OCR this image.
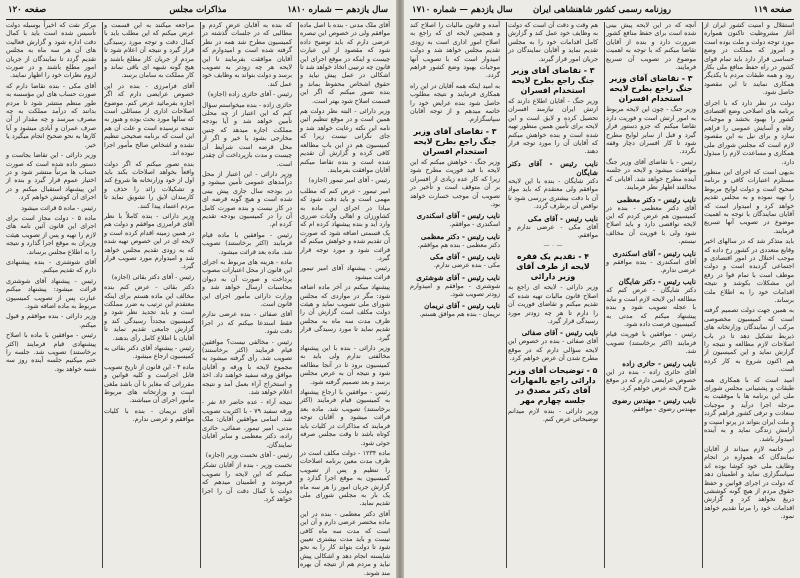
سال یازدهم — شماره ۱۸۱۰
مذاکرات مجلس
صفحه ۱۲۰
آقای ملک مدنی - بنده با اصل ماده موافقم ولی در خصوص این تبصره عرضی دارم که باید توضیح داده شود که مقصود از این عبارت چیست و اینکه در موقع اجرای این قانون چه ترتیبی اتخاذ خواهد شد تا اشکالی در عمل پیش نیاید و حقوق اشخاص محفوظ بماند و بنده تصور میکنم که اگر این قسمت اصلاح شود بهتر است.
وزیر دارائی - البته نظر دولت هم همین است و در موقع تنظیم آئین نامه این نکته رعایت خواهد شد و جای نگرانی نیست زیرا که کمیسیون هم در این باب مطالعه کافی کرده و گزارش آن تقدیم شده است و بنده تقاضا میکنم آقایان موافقت بفرمایند.
رئیس - آقای امیر تیمور (اجازه)
امیر تیمور - عرض کنم که مطلب مهمی است و باید دقت شود که مبادا در اجرای این ماده به کشاورزان و اهالی ولایات ضرری وارد آید و بنده پیشنهاد کرده ام که یک قسمتی اضافه شود که صورت آن تقدیم شده و خواهش میکنم که قرائت شود و مورد توجه قرار گیرد.
رئیس - پیشنهاد آقای امیر تیمور قرائت میشود
پیشنهاد میکنم در آخر ماده اضافه شود: مگر در مواردی که مجلس شورای ملی تصویب نماید و هیئت دولت مکلف است گزارش آن را ظرف مدت سه ماه به مجلس تقدیم نماید تا مورد رسیدگی قرار گیرد.
وزیر دارائی - بنده با این پیشنهاد مخالفتی ندارم ولی باید به کمیسیون برود تا در آنجا مطالعه شود و نتیجه آن به عرض مجلس برسد و بعد تصمیم گرفته شود.
رئیس - موافقین با ارجاع پیشنهاد به کمیسیون قیام فرمایند (اکثر برخاستند) تصویب شد. ماده بعد قرائت میشود و آقایان توجه فرمایند که مذاکرات در کلیات باید کوتاه باشد تا وقت مجلس صرفه جوئی شود.
ماده ۱۲۳۴ - دولت مکلف است در ظرف مدت معین برنامه اصلاحات را تنظیم و پس از تصویب کمیسیون به موقع اجرا گذارد و گزارش جریان امور را هر سه ماه یک بار به مجلس شورای ملی تقدیم نماید.
آقای دکتر معظمی - بنده در این ماده مختصر عرضی دارم و آن این است که مدت سه ماه کافی نیست و باید مدت بیشتری تعیین شود تا دولت بتواند کار را به نحو شایسته انجام دهد و اشکالی پیش نیاید و مردم هم از نتیجه آن بهره مند شوند.
که بنده به آقایان عرض کردم و مطالبی که در جلسات گذشته در کمیسیون مطرح شد همه در نظر گرفته شده است و امیدوارم که آقایان موافقت بفرمایند تا این لایحه هر چه زودتر به تصویب برسد و دولت بتواند به وظایف خود عمل کند.
رئیس - آقای حائری زاده (اجازه)
حائری زاده - بنده میخواستم سؤال کنم که این اعتبار از چه محلی تأمین خواهد شد و آیا بودجه مملکت اجازه میدهد که چنین مخارجی بشود یا خیر و اگر از محل قرضه است شرایط آن چیست و مدت بازپرداخت آن چقدر است.
وزیر دارائی - این اعتبار از محل درآمدهای عمومی تأمین میشود و در بودجه سال جاری پیش بینی شده است و هیچ گونه قرضه ای در کار نیست و بنده صورت کامل آن را در کمیسیون بودجه تقدیم کرده ام.
رئیس - موافقین با ماده قیام فرمایند (اکثر برخاستند) تصویب شد. ماده بعد قرائت میشود.
ماده - هزینه های مربوط به اجرای این قانون از محل اعتبارات مصوب پرداخت و صورت آن به دیوان محاسبات ارسال خواهد شد و وزارت دارائی مأمور اجرای این قانون است.
آقای صفائی - بنده عرضی ندارم فقط استدعا میکنم که در اجرا دقت شود.
رئیس - مخالفی نیست؟ موافقین قیام فرمایند (اکثر برخاستند) تصویب شد. رأی گرفته میشود به مجموع لایحه با ورقه و آقایان موافق ورقه سفید خواهند داد. اخذ و استخراج آراء بعمل آمد و نتیجه اعلام خواهد شد.
نتیجه آراء - عده حاضر ۸۶ نفر - ورقه سفید ۷۹ - با اکثریت تصویب شد. اسامی موافقین آقایان: ملک مدنی، امیر تیمور، صفائی، حائری زاده، دکتر معظمی و سایر آقایان نمایندگان.
رئیس - آقای نخست وزیر (اجازه)
نخست وزیر - بنده از آقایان تشکر میکنم که این لایحه را تصویب فرمودند و اطمینان میدهم که دولت با کمال دقت آن را اجرا خواهد کرد.
مراجعه میکنند به این قسمت و عرض میکنم که این مطلب باید با کمال دقت و توجه مورد رسیدگی قرار گیرد و نتیجه آن اعلام شود تا مردم از جریان کار مطلع باشند و هیچ گونه شبهه ای باقی نماند و کار مملکت به سامان برسد.
آقای فرامرزی - بنده در این خصوص عرایضی دارم که اگر اجازه بفرمائید عرض کنم. موضوع اصلاحات اداری از مسائلی است که سالها مورد بحث بوده و هنوز به نتیجه نرسیده است و علت آن هم این است که برنامه صحیحی تنظیم نشده و اشخاص صالح مأمور اجرا نبوده اند.
بنده تصور میکنم که اگر دولت واقعاً بخواهد اصلاحات بکند باید اول از خود وزارتخانه ها شروع کند و تشکیلات زائد را حذف و کارمندان لایق را تشویق نماید تا مردم اعتماد پیدا کنند.
وزیر دارائی - بنده کاملاً با نظر آقای فرامرزی موافقم و دولت هم در همین زمینه اقدام کرده است و لایحه ای در این خصوص تهیه شده که به زودی تقدیم مجلس خواهد شد و امیدوارم مورد تصویب قرار گیرد.
رئیس - آقای دکتر بقائی (اجازه)
دکتر بقائی - عرض کنم بنده مخالف این ماده هستم برای اینکه معتقدم این ترتیب به ضرر مملکت است و باید تجدید نظر شود و کمیسیون مجدداً رسیدگی کند و گزارش جامعی تقدیم نماید تا آقایان با اطلاع کامل رأی بدهند.
رئیس - پیشنهاد آقای دکتر بقائی به کمیسیون ارجاع میشود.
ماده ۴ - این قانون از تاریخ تصویب قابل اجراست و کلیه قوانین و مقرراتی که مغایر با آن باشد ملغی است و وزارتخانه های مربوط مأمور اجرای آن میباشند.
آقای نریمان - بنده با کلیات موافقم و عرضی ندارم.
مرکز نفت که اخیراً بوسیله دولت تأسیس شده است باید با کمال دقت اداره شود و گزارش فعالیت های آن هر سه ماه به مجلس تقدیم گردد تا نمایندگان از جریان امور مطلع باشند و در صورت لزوم نظرات خود را اظهار نمایند.
آقای مکی - بنده تقاضا دارم که صورت حساب های این مؤسسه به طور منظم منتشر شود تا مردم بدانند که درآمد مملکت به چه مصرف میرسد و چه مقدار از آن صرف عمران و آبادی میشود و آیا کارها به نحو صحیح انجام میگیرد یا خیر.
وزیر دارائی - این تقاضا بجاست و دستور داده شده است که صورت حساب ها مرتباً منتشر شود و در اختیار عموم قرار گیرد و بنده از این پیشنهاد استقبال میکنم و در اجرای آن کوشش خواهم کرد.
رئیس - ماده ۵ قرائت میشود
ماده ۵ - دولت مجاز است برای اجرای این قانون آئین نامه های لازم را تهیه و پس از تصویب هیئت وزیران به موقع اجرا گذارد و نتیجه را به اطلاع مجلس برساند.
آقای شوشتری - بنده پیشنهادی دارم که تقدیم میکنم.
رئیس - پیشنهاد آقای شوشتری قرائت میشود: پیشنهاد میکنم عبارت پس از تصویب کمیسیون مربوط به ماده اضافه شود.
وزیر دارائی - بنده موافقم و قبول میکنم.
رئیس - موافقین با ماده با اصلاح پیشنهادی قیام فرمایند (اکثر برخاستند) تصویب شد. جلسه را ختم میکنیم جلسه آینده روز سه شنبه خواهد بود.
صفحه ۱۱۹
روزنامه رسمی کشور شاهنشاهی ایران
سال یازدهم — شماره ۱۷۱۰
استقلال و امنیت کشور ایران از آغاز مشروطیت تاکنون همواره مورد توجه دولت و ملت بوده است و امروز که مملکت در وضع حساسی قرار دارد باید تمام قوای کشور در راه حفظ منافع ملی بکار رود و همه طبقات مردم با یکدیگر همکاری نمایند تا این مقصود حاصل شود.
دولت در نظر دارد که با اجرای برنامه های اصلاحی وضع اقتصادی کشور را بهبود بخشد و موجبات رفاه و آسایش عمومی را فراهم سازد و برای نیل به این مقصود لازم است که مجلس شورای ملی همکاری و مساعدت لازم را مبذول دارد.
بدیهی است که اجرای این منظور مستلزم اعتبارات کافی و برنامه صحیح است و دولت لوایح مربوط را تهیه نموده و به مجلس تقدیم خواهد کرد و امیدوار است که آقایان نمایندگان با توجه به اهمیت موضوع در تصویب آنها تسریع فرمایند.
باید متذکر شد که در سالهای اخیر وقایع متعددی در کشور رخ داده که موجب اختلال در امور اقتصادی و اجتماعی گردیده است و دولت موظف است با تمام قوا در رفع این مشکلات بکوشد و نتیجه اقدامات خود را به اطلاع ملت برساند.
به همین جهت دولت تصمیم گرفته است که کمیسیون مخصوصی مرکب از نمایندگان وزارتخانه های ذیربط تشکیل دهد تا در باب اصلاحات لازم مطالعه و نتیجه را گزارش نماید و این کمیسیون از هم اکنون شروع به کار کرده است.
امید است که با همکاری همه طبقات و پشتیبانی مجلس شورای ملی این برنامه ها با موفقیت به مرحله اجرا درآید و موجبات سعادت و ترقی کشور فراهم گردد و ملت ایران بتواند در پرتو امنیت و آرامش زندگی نماید و به آینده امیدوار باشد.
در خاتمه لازم میداند از آقایان نمایندگان که همواره در انجام وظایف ملی خود کوشا بوده اند سپاسگزاری نماید و اطمینان دهد که دولت در اجرای قوانین و حفظ حقوق مردم از هیچ گونه کوششی دریغ نخواهد کرد و گزارش اقدامات خود را مرتباً تقدیم خواهد نمود.
آنچه که در این لایحه پیش بینی شده است برای حفظ منافع کشور ضرورت دارد و بنده از آقایان تقاضا میکنم که با توجه به اهمیت موضوع در تصویب آن تسریع فرمایند.
۳ - تقاضای آقای وزیر جنگ راجع بطرح لایحه استخدام افسران
وزیر جنگ - چون این لایحه مربوط به امور ارتش است و فوریت دارد تقاضا میکنم که جزو دستور قرار گیرد و قبل از سایر لوایح مطرح شود تا کار افسران دچار وقفه نگردد.
رئیس - با تقاضای آقای وزیر جنگ موافقت میشود و لایحه در جلسه آینده مطرح خواهد شد. آقایانی که مخالفند اظهار نظر فرمایند.
نایب رئیس - دکتر معظمی
آقای دکتر معظمی - بنده در کمیسیون هم عرض کردم که این لایحه نواقصی دارد و باید اصلاح شود ولی با فوریت آن مخالف نیستم.
نایب رئیس - آقای اسکندری
آقای اسکندری - بنده موافقم و عرضی ندارم.
نایب رئیس - دکتر شایگان
دکتر شایگان - عرض کنم که مطالعه این لایحه لازم است و نباید با عجله تصویب شود و بنده پیشنهاد میکنم که مدتی به کمیسیون فرصت داده شود.
رئیس - موافقین با فوریت قیام فرمایند (اکثر برخاستند) تصویب شد.
نایب رئیس - حائری زاده
آقای حائری زاده - بنده در این خصوص عرایضی دارم که در موقع طرح لایحه عرض خواهم کرد.
نایب رئیس - مهندس رضوی
مهندس رضوی - موافقم.
هم وقت و دقت آن است که دولت به وظایف خود عمل کند و گزارش کامل اقدامات خود را به مجلس تقدیم نماید و آقایان نمایندگان در جریان امور قرار گیرند.
۳ - تقاضای آقای وزیر جنگ راجع بطرح لایحه استخدام افسران
وزیر جنگ - آقایان اطلاع دارند که ارتش ایران نیازمند افسران تحصیل کرده و لایق است و این لایحه برای تأمین همین منظور تهیه شده است و بنده خواهش میکنم که آقایان آن را مورد توجه قرار دهند.
نایب رئیس - آقای دکتر شایگان
دکتر شایگان - بنده با این لایحه موافقم ولی معتقدم که باید مواد آن با دقت بیشتری بررسی شود تا نواقص آن برطرف گردد.
نایب رئیس - آقای مکی
آقای مکی - عرضی ندارم و موافقم.
— ۰ —
۴ - تقدیم یک فقره لایحه از طرف آقای وزیر دارائی
وزیر دارائی - لایحه ای راجع به اصلاح قانون مالیات تهیه شده که تقدیم میکنم و تقاضای فوریت آن را دارم تا هر چه زودتر مورد رسیدگی قرار گیرد.
نایب رئیس - آقای صفائی
آقای صفائی - بنده در خصوص این لایحه سؤالی دارم که در موقع مطرح شدن آن عرض خواهم کرد.
۵ - توضیحات آقای وزیر دارائی راجع بالمهارات آقای دکتر مصدق در جلسه چهارم مهر
وزیر دارائی - بنده لازم میدانم توضیحاتی عرض کنم.
آمده و قانون مالیات را اصلاح کند و همچنین لایحه ای که راجع به اصلاح امور اداری است به زودی تقدیم مجلس خواهد شد و دولت امیدوار است که با تصویب آنها موجبات بهبود وضع کشور فراهم گردد.
به امید اینکه همه آقایان در این راه همکاری فرمایند و نتیجه مطلوب حاصل شود بنده عرایض خود را خاتمه میدهم و از توجه آقایان سپاسگزارم.
۳ - تقاضای آقای وزیر جنگ راجع بطرح لایحه استخدام افسران
وزیر جنگ - خواهش میکنم که این لایحه با قید فوریت مطرح شود زیرا که کار عده زیادی از افسران بر آن متوقف است و تأخیر در تصویب آن موجب خسارت خواهد بود.
نایب رئیس - آقای اسکندری
اسکندری - موافقم.
نایب رئیس - دکتر معظمی
دکتر معظمی - بنده هم موافقم.
نایب رئیس - آقای مکی
مکی - بنده عرضی ندارم.
نایب رئیس - آقای شوشتری
شوشتری - موافقم و امیدوارم زودتر تصویب شود.
نایب رئیس - آقای نریمان
نریمان - بنده هم موافق هستم.
